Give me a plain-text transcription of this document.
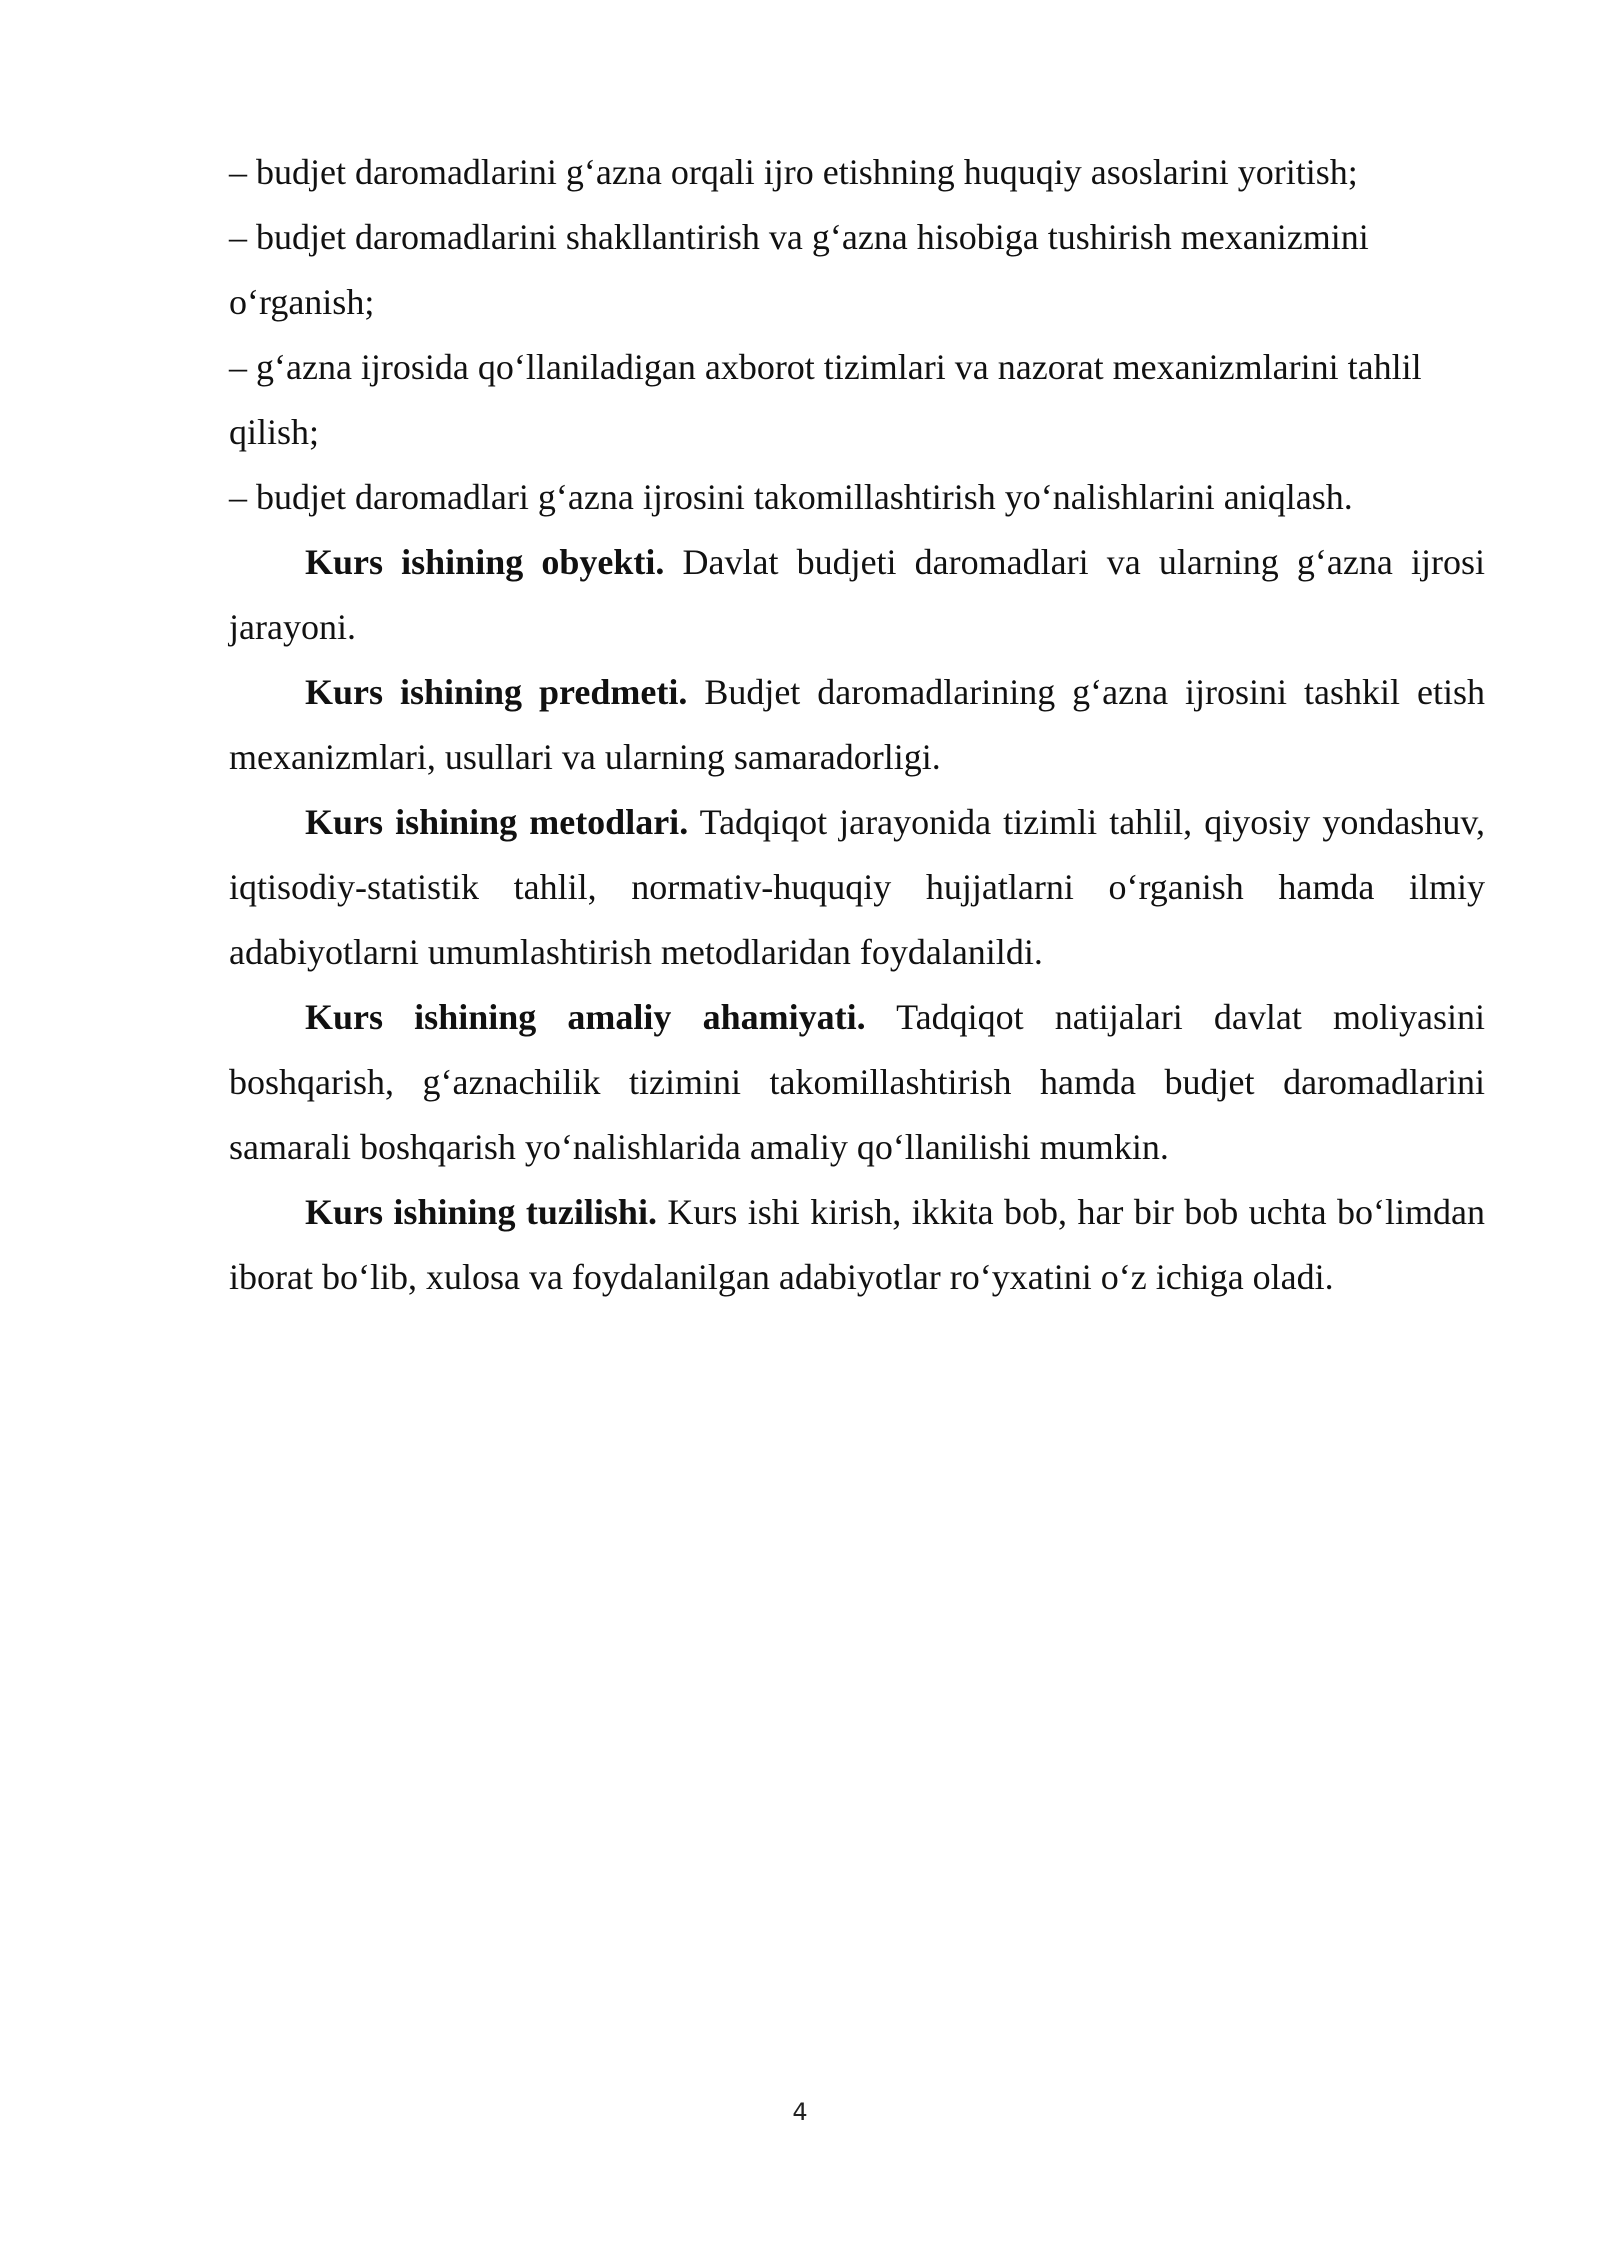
– budjet daromadlarini g‘azna orqali ijro etishning huquqiy asoslarini yoritish;

– budjet daromadlarini shakllantirish va g‘azna hisobiga tushirish mexanizmini o‘rganish;

– g‘azna ijrosida qo‘llaniladigan axborot tizimlari va nazorat mexanizmlarini tahlil qilish;

– budjet daromadlari g‘azna ijrosini takomillashtirish yo‘nalishlarini aniqlash.

Kurs ishining obyekti. Davlat budjeti daromadlari va ularning g‘azna ijrosi jarayoni.

Kurs ishining predmeti. Budjet daromadlarining g‘azna ijrosini tashkil etish mexanizmlari, usullari va ularning samaradorligi.

Kurs ishining metodlari. Tadqiqot jarayonida tizimli tahlil, qiyosiy yondashuv, iqtisodiy-statistik tahlil, normativ-huquqiy hujjatlarni o‘rganish hamda ilmiy adabiyotlarni umumlashtirish metodlaridan foydalanildi.

Kurs ishining amaliy ahamiyati. Tadqiqot natijalari davlat moliyasini boshqarish, g‘aznachilik tizimini takomillashtirish hamda budjet daromadlarini samarali boshqarish yo‘nalishlarida amaliy qo‘llanilishi mumkin.

Kurs ishining tuzilishi. Kurs ishi kirish, ikkita bob, har bir bob uchta bo‘limdan iborat bo‘lib, xulosa va foydalanilgan adabiyotlar ro‘yxatini o‘z ichiga oladi.

4
